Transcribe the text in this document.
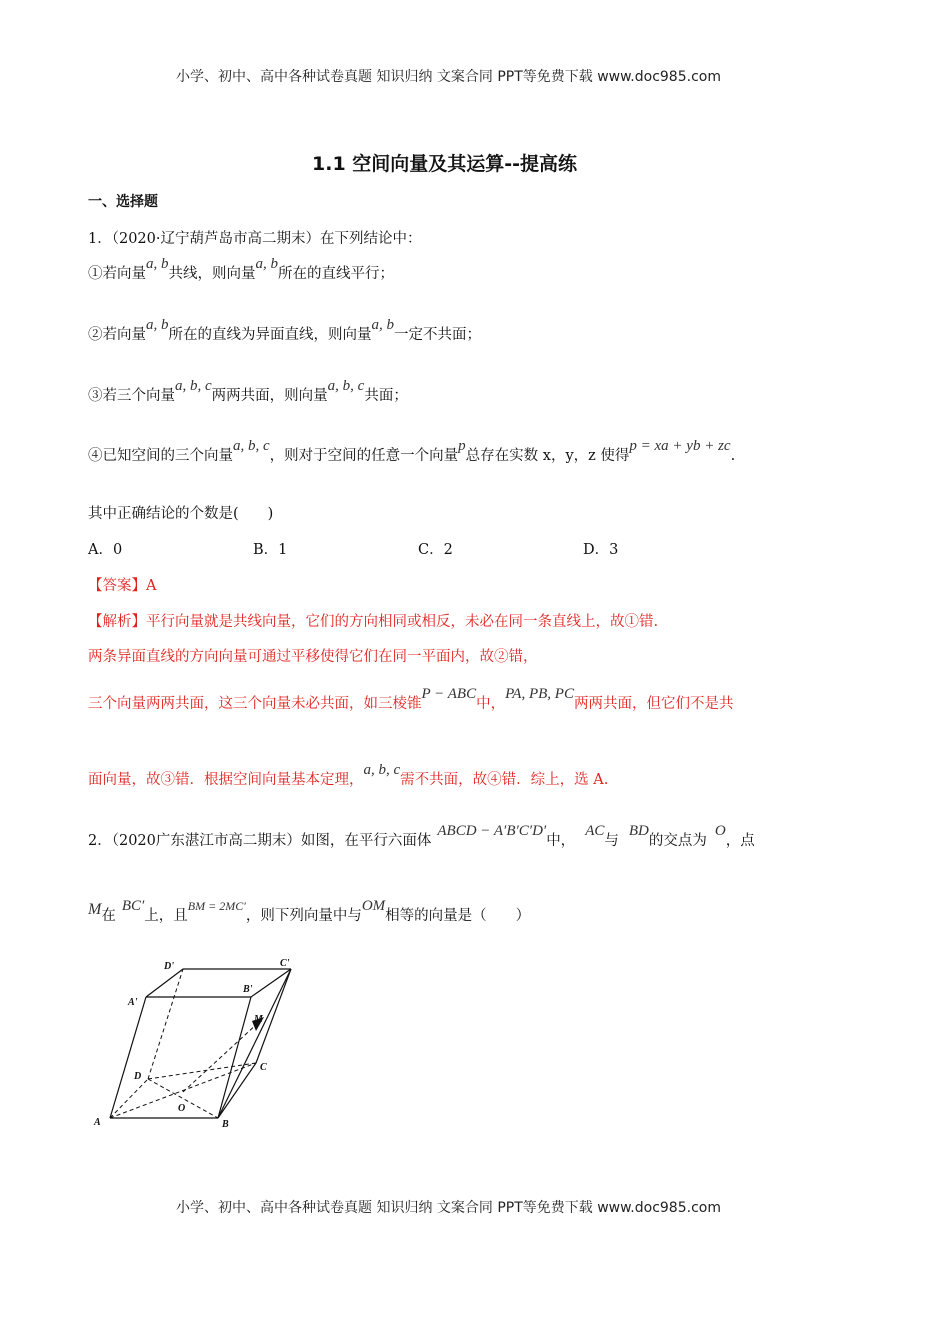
小学、初中、高中各种试卷真题 知识归纳 文案合同 PPT等免费下载 www.doc985.com
1.1 空间向量及其运算--提高练
一、选择题
1．（2020·辽宁葫芦岛市高二期末）在下列结论中：
①若向量a, b共线，则向量a, b所在的直线平行；
②若向量a, b所在的直线为异面直线，则向量a, b一定不共面；
③若三个向量a, b, c两两共面，则向量a, b, c共面；
④已知空间的三个向量a, b, c，则对于空间的任意一个向量p总存在实数 x，y，z 使得p = xa + yb + zc.
其中正确结论的个数是(　　)
A．0	B．1	C．2	D．3
【答案】A
【解析】平行向量就是共线向量，它们的方向相同或相反，未必在同一条直线上，故①错.
两条异面直线的方向向量可通过平移使得它们在同一平面内，故②错，
三个向量两两共面，这三个向量未必共面，如三棱锥P − ABC中，PA, PB, PC两两共面，但它们不是共
面向量，故③错．根据空间向量基本定理，a, b, c需不共面，故④错．综上，选 A.
2．（2020广东湛江市高二期末）如图，在平行六面体ABCD − A′B′C′D′中，AC与BD的交点为O，点
M在BC′上，且$^{BM = 2MC'}$，则下列向量中与OM相等的向量是（　　）
D'	C'
A'
B'
M
D
C
O
A	B
小学、初中、高中各种试卷真题 知识归纳 文案合同 PPT等免费下载 www.doc985.com
